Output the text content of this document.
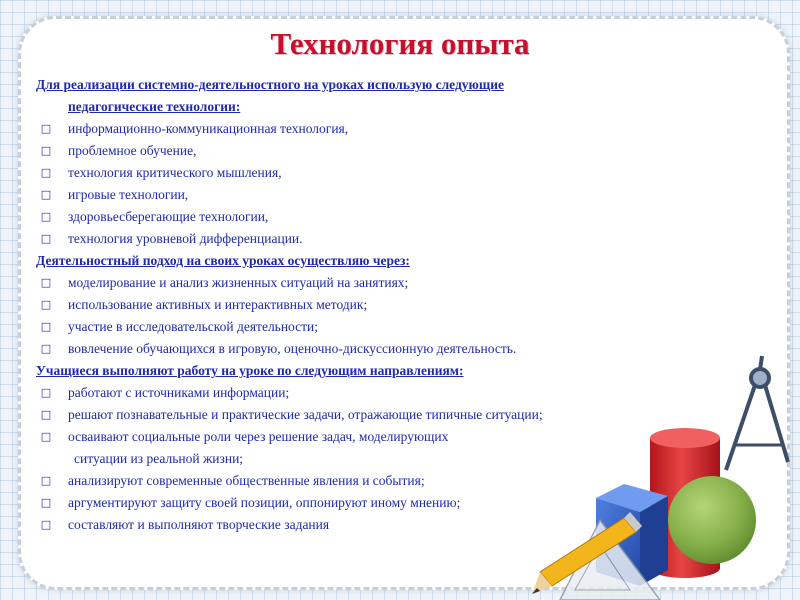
Технология опыта
Для реализации системно-деятельностного на уроках использую следующие
педагогические технологии:
□	информационно-коммуникационная технология,
□	проблемное обучение,
□	технология критического мышления,
□	игровые технологии,
□	здоровьесберегающие технологии,
□	технология уровневой дифференциации.
Деятельностный подход на своих уроках осуществляю через:
□	моделирование и анализ жизненных ситуаций на занятиях;
□	использование активных и интерактивных методик;
□	участие в исследовательской деятельности;
□	вовлечение обучающихся в игровую, оценочно-дискуссионную деятельность.
Учащиеся выполняют работу на уроке по следующим направлениям:
□	работают с источниками информации;
□	решают познавательные и практические задачи, отражающие типичные ситуации;
□	осваивают социальные роли через решение задач, моделирующих
ситуации из реальной жизни;
□	анализируют современные общественные явления и события;
□	аргументируют защиту своей позиции, оппонируют иному мнению;
□	составляют и выполняют творческие задания
